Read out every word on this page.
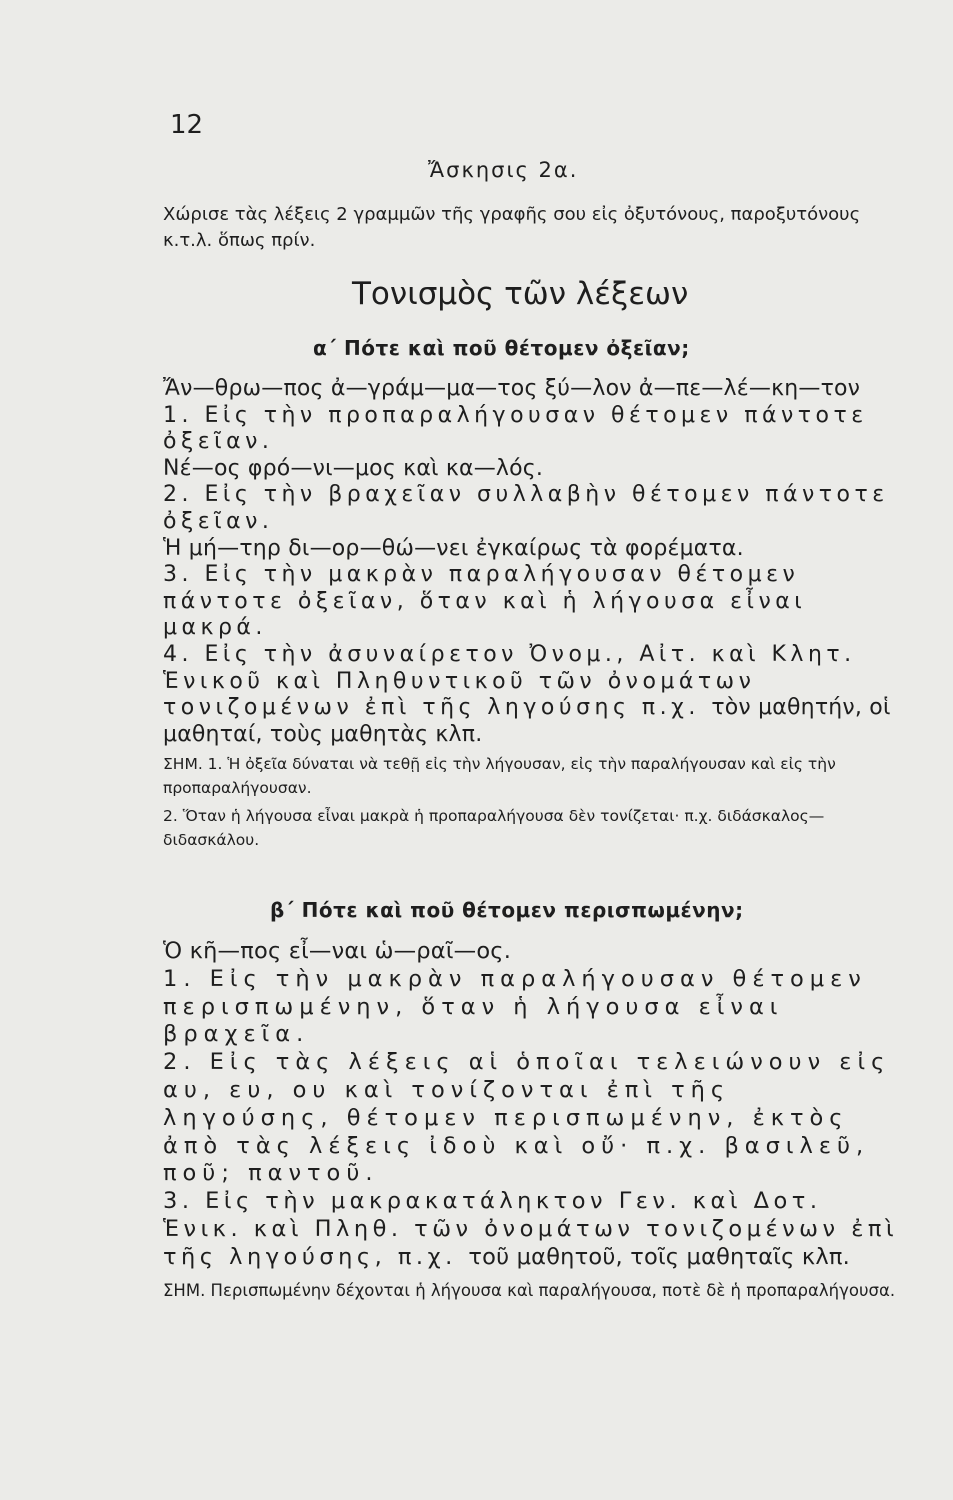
12
Ἄσκησις 2α.
Χώρισε τὰς λέξεις 2 γραμμῶν τῆς γραφῆς σου εἰς ὀξυτόνους, παροξυτόνους κ.τ.λ. ὅπως πρίν.
Τονισμὸς τῶν λέξεων
α΄ Πότε καὶ ποῦ θέτομεν ὀξεῖαν;

Ἄν—θρω—πος ἀ—γράμ—μα—τος ξύ—λον ἀ—πε—λέ—κη—τον

1. Εἰς τὴν προπαραλήγουσαν θέτομεν πάντοτε ὀξεῖαν.

Νέ—ος φρό—νι—μος καὶ κα—λός.

2. Εἰς τὴν βραχεῖαν συλλαβὴν θέτομεν πάντοτε ὀξεῖαν.

Ἡ μή—τηρ δι—ορ—θώ—νει ἐγκαίρως τὰ φορέματα.

3. Εἰς τὴν μακρὰν παραλήγουσαν θέτομεν πάντοτε ὀξεῖαν, ὅταν καὶ ἡ λήγουσα εἶναι μακρά.

4. Εἰς τὴν ἀσυναίρετον Ὀνομ., Αἰτ. καὶ Κλητ. Ἑνικοῦ καὶ Πληθυντικοῦ τῶν ὀνομάτων τονιζομένων ἐπὶ τῆς ληγούσης π.χ. τὸν μαθητήν, οἱ μαθηταί, τοὺς μαθητὰς κλπ.

ΣΗΜ. 1. Ἡ ὀξεῖα δύναται νὰ τεθῇ εἰς τὴν λήγουσαν, εἰς τὴν παραλήγουσαν καὶ εἰς τὴν προπαραλήγουσαν.

2. Ὅταν ἡ λήγουσα εἶναι μακρὰ ἡ προπαραλήγουσα δὲν τονίζεται· π.χ. διδάσκαλος—διδασκάλου.

β΄ Πότε καὶ ποῦ θέτομεν περισπωμένην;

Ὁ κῆ—πος εἶ—ναι ὡ—ραῖ—ος.

1. Εἰς τὴν μακρὰν παραλήγουσαν θέτομεν περισπωμένην, ὅταν ἡ λήγουσα εἶναι βραχεῖα.

2. Εἰς τὰς λέξεις αἱ ὁποῖαι τελειώνουν εἰς αυ, ευ, ου καὶ τονίζονται ἐπὶ τῆς ληγούσης, θέτομεν περισπωμένην, ἐκτὸς ἀπὸ τὰς λέξεις ἰδοὺ καὶ οὔ· π.χ. βασιλεῦ, ποῦ; παντοῦ.

3. Εἰς τὴν μακρακατάληκτον Γεν. καὶ Δοτ. Ἑνικ. καὶ Πληθ. τῶν ὀνομάτων τονιζομένων ἐπὶ τῆς ληγούσης, π.χ. τοῦ μαθητοῦ, τοῖς μαθηταῖς κλπ.

ΣΗΜ. Περισπωμένην δέχονται ἡ λήγουσα καὶ παραλήγουσα, ποτὲ δὲ ἡ προπαραλήγουσα.
